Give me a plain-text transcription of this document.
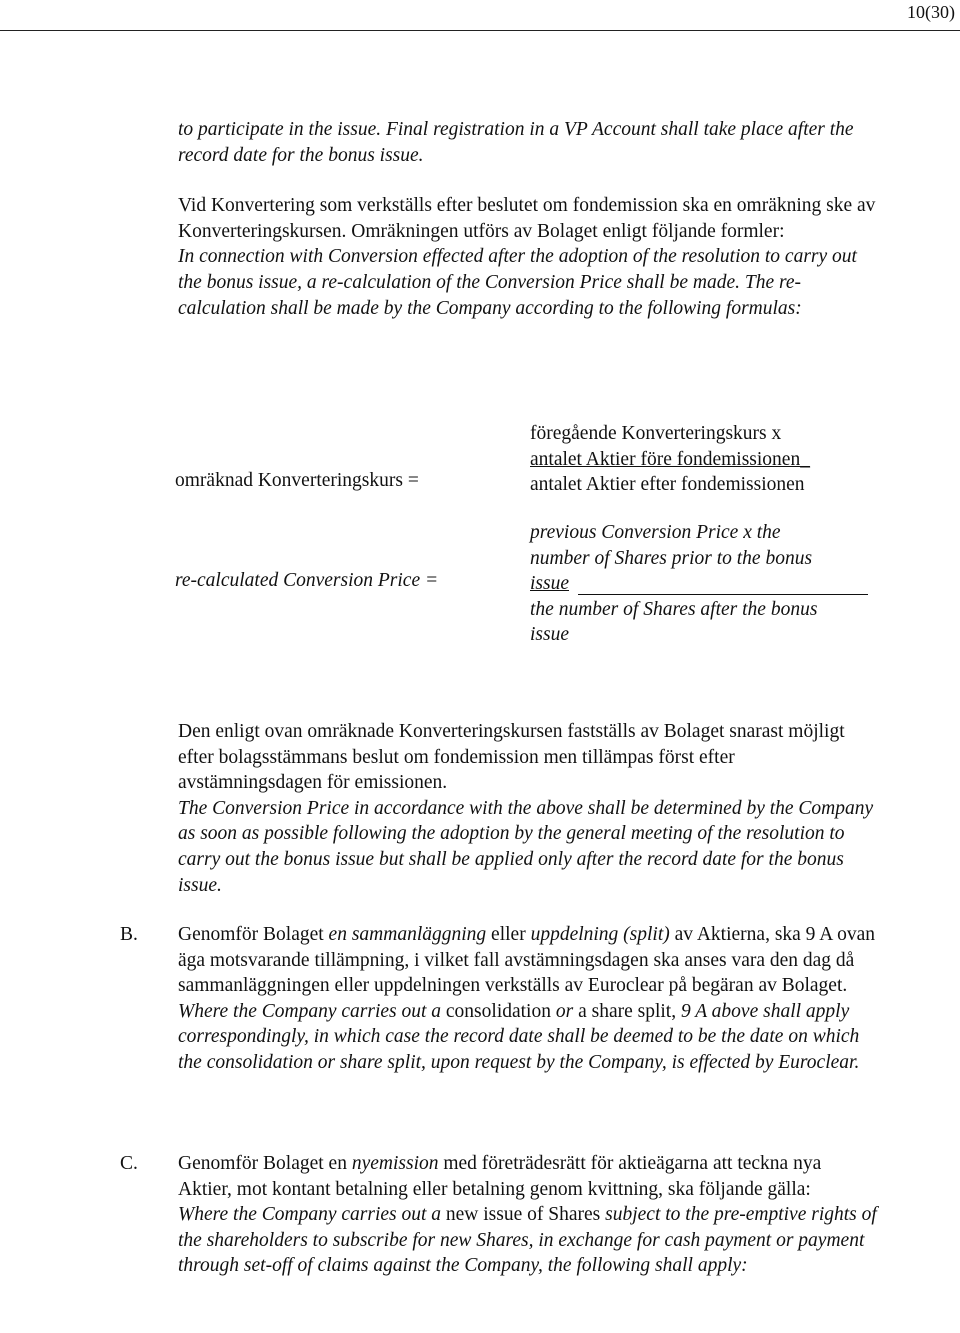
10(30)

to participate in the issue. Final registration in a VP Account shall take place after the record date for the bonus issue.

Vid Konvertering som verkställs efter beslutet om fondemission ska en omräkning ske av Konverteringskursen. Omräkningen utförs av Bolaget enligt följande formler:

In connection with Conversion effected after the adoption of the resolution to carry out the bonus issue, a re-calculation of the Conversion Price shall be made. The re-calculation shall be made by the Company according to the following formulas:

omräknad Konverteringskurs =
föregående Konverteringskurs x
antalet Aktier före fondemissionen_
antalet Aktier efter fondemissionen
re-calculated Conversion Price =
previous Conversion Price x the
number of Shares prior to the bonus
issue
the number of Shares after the bonus
issue

Den enligt ovan omräknade Konverteringskursen fastställs av Bolaget snarast möjligt efter bolagsstämmans beslut om fondemission men tillämpas först efter avstämningsdagen för emissionen.

The Conversion Price in accordance with the above shall be determined by the Company as soon as possible following the adoption by the general meeting of the resolution to carry out the bonus issue but shall be applied only after the record date for the bonus issue.

B. Genomför Bolaget en sammanläggning eller uppdelning (split) av Aktierna, ska 9 A ovan äga motsvarande tillämpning, i vilket fall avstämningsdagen ska anses vara den dag då sammanläggningen eller uppdelningen verkställs av Euroclear på begäran av Bolaget.

Where the Company carries out a consolidation or a share split, 9 A above shall apply correspondingly, in which case the record date shall be deemed to be the date on which the consolidation or share split, upon request by the Company, is effected by Euroclear.

C. Genomför Bolaget en nyemission med företrädesrätt för aktieägarna att teckna nya Aktier, mot kontant betalning eller betalning genom kvittning, ska följande gälla:

Where the Company carries out a new issue of Shares subject to the pre-emptive rights of the shareholders to subscribe for new Shares, in exchange for cash payment or payment through set-off of claims against the Company, the following shall apply:
